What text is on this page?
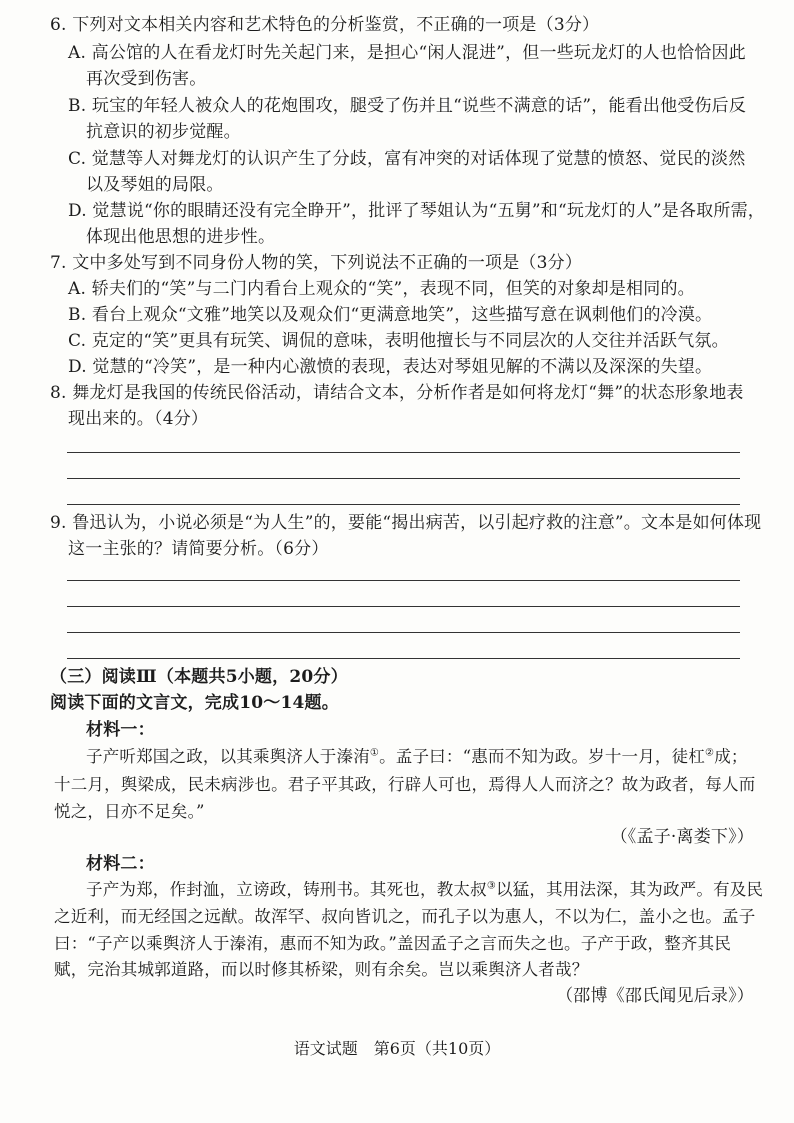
6. 下列对文本相关内容和艺术特色的分析鉴赏，不正确的一项是（3分）
A. 高公馆的人在看龙灯时先关起门来，是担心“闲人混进”，但一些玩龙灯的人也恰恰因此
再次受到伤害。
B. 玩宝的年轻人被众人的花炮围攻，腿受了伤并且“说些不满意的话”，能看出他受伤后反
抗意识的初步觉醒。
C. 觉慧等人对舞龙灯的认识产生了分歧，富有冲突的对话体现了觉慧的愤怒、觉民的淡然
以及琴姐的局限。
D. 觉慧说“你的眼睛还没有完全睁开”，批评了琴姐认为“五舅”和“玩龙灯的人”是各取所需，
体现出他思想的进步性。
7. 文中多处写到不同身份人物的笑，下列说法不正确的一项是（3分）
A. 轿夫们的“笑”与二门内看台上观众的“笑”，表现不同，但笑的对象却是相同的。
B. 看台上观众“文雅”地笑以及观众们“更满意地笑”，这些描写意在讽刺他们的冷漠。
C. 克定的“笑”更具有玩笑、调侃的意味，表明他擅长与不同层次的人交往并活跃气氛。
D. 觉慧的“冷笑”，是一种内心激愤的表现，表达对琴姐见解的不满以及深深的失望。
8. 舞龙灯是我国的传统民俗活动，请结合文本，分析作者是如何将龙灯“舞”的状态形象地表
现出来的。（4分）
9. 鲁迅认为，小说必须是“为人生”的，要能“揭出病苦，以引起疗救的注意”。文本是如何体现
这一主张的？请简要分析。（6分）
（三）阅读Ⅲ（本题共5小题，20分）
阅读下面的文言文，完成10～14题。
材料一：
子产听郑国之政，以其乘舆济人于溱洧①。孟子曰：“惠而不知为政。岁十一月，徒杠②成；
十二月，舆梁成，民未病涉也。君子平其政，行辟人可也，焉得人人而济之？故为政者，每人而
悦之，日亦不足矣。”
（《孟子·离娄下》）
材料二：
子产为郑，作封洫，立谤政，铸刑书。其死也，教太叔③以猛，其用法深，其为政严。有及民
之近利，而无经国之远猷。故浑罕、叔向皆讥之，而孔子以为惠人，不以为仁，盖小之也。孟子
曰：“子产以乘舆济人于溱洧，惠而不知为政。”盖因孟子之言而失之也。子产于政，整齐其民
赋，完治其城郭道路，而以时修其桥梁，则有余矣。岂以乘舆济人者哉？
（邵博《邵氏闻见后录》）
语文试题　第6页（共10页）
